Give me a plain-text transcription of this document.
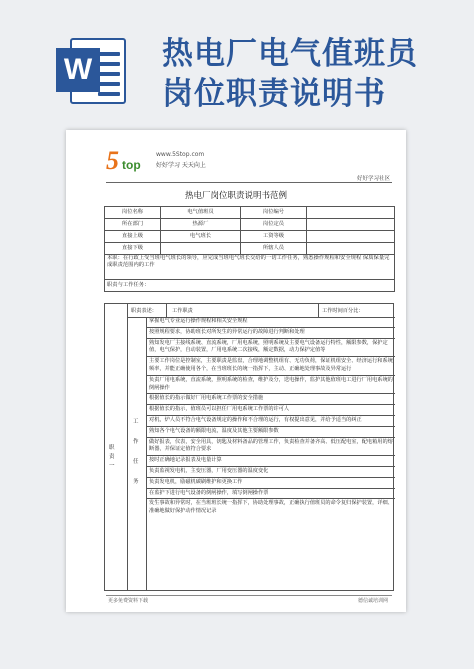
W 热电厂电气值班员
岗位职责说明书
5 top
www.5Stop.com
好好学习 天天向上
好好学习社区
热电厂岗位职责说明书范例
岗位名称	电气值班员	岗位编号	
所在部门	热源厂	岗位定员	
直接上级	电气班长	工资等级	
直接下级		所辖人员	
本职：在行政上受当班电气班长的领导，应完成当班电气班长交给的一切工作任务，熟悉操作规程和安全规程 保质保量完成职责范围内的工作			
职责与工作任务：			
职责一
职责表述：	工作职责	工作时间百分比：
工
作
任
务
掌握电气专业运行操作规程和相关安全规程
按照规程要求，协助班长对所发生的异常运行的故障进行判断和处理
熟知发电厂主接线系统、直流系统，厂用电系统，照明系统及主要电气设备运行特性，额限参数，保护定值，电气保护，自动装置，厂用电系统二次接线，额定数据，动力保护定值等
主要工作岗位是控制室，主要职责是监盘，合理地调整机组有、无功负荷，保证机组安全、经济运行和系统频率，并能正确使用各个，在当班班长的统一指挥下，主动、正确地处理事故及异常运行
负责厂用电系统，直流系统，照明系统的检查，维护及分，送电操作，监护其他值班电工进行厂用电系统的倒闸操作
根据值长的指示做好厂用电系统工作票的安全措施
根据值长的指示，值班员可以担任厂用电系统工作票的许可人
对机，炉人员不符合电气设备规定的操作和不合理的运行，有权提出意见，并给予适当的纠正
熟知各个电气设备的额限电流，温度及其他主要额限参数
做好报表，仪表，安全用具，钥匙及材料备品的管理工作，负责检查并备齐高、低压配电室，配电箱用的熔断器，并保证定值符合要求
按时正确地记录报表及电量计算
负责监视发电机，主变压器，厂用变压器的温度变化
负责发电机，励磁机碳刷维护和更换工作
在监护下进行电气设备的倒闸操作，填写倒闸操作票
发生事故和异常时，在当班班长统一指挥下，协助处理事故，正确执行值班员的命令复归保护装置，详细、准确地做好保护动作情况记录
更多免费资料下载	德信诚培训网
